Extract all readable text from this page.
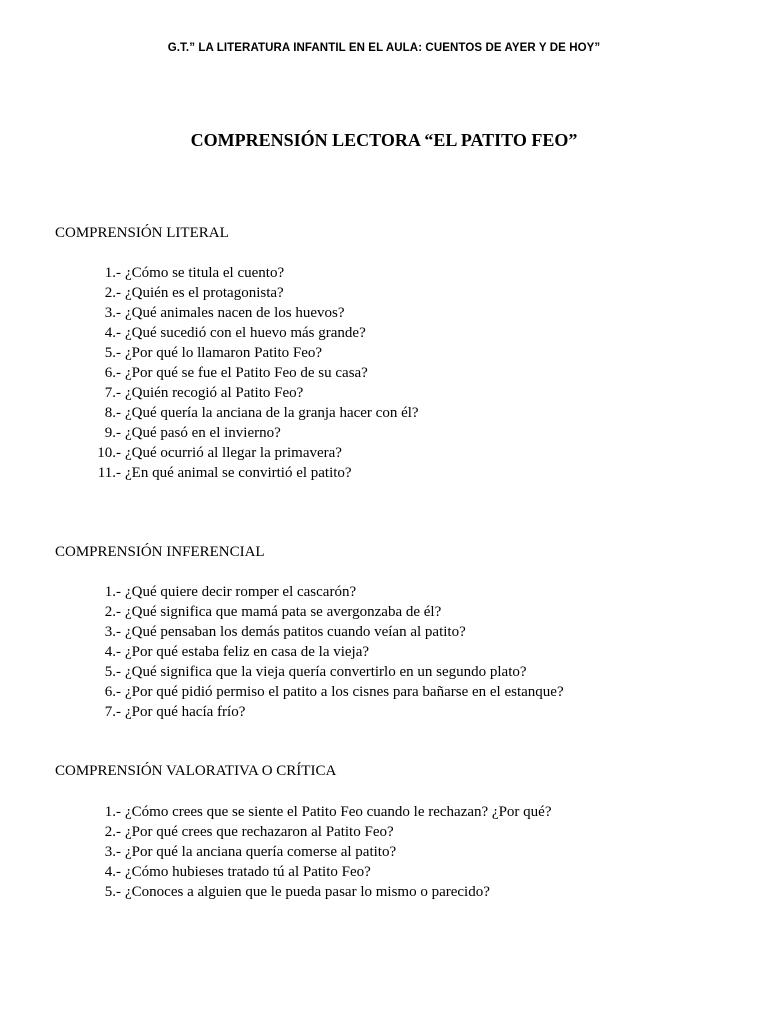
G.T.” LA LITERATURA INFANTIL EN EL AULA: CUENTOS DE AYER Y DE HOY”
COMPRENSIÓN LECTORA “EL PATITO FEO”
COMPRENSIÓN LITERAL
1.- ¿Cómo se titula el cuento?
2.- ¿Quién es el protagonista?
3.- ¿Qué animales nacen de los huevos?
4.- ¿Qué sucedió con el huevo más grande?
5.- ¿Por qué lo llamaron Patito Feo?
6.- ¿Por qué se fue el Patito Feo de su casa?
7.- ¿Quién recogió al Patito Feo?
8.- ¿Qué quería la anciana de la granja hacer con él?
9.- ¿Qué pasó en el invierno?
10.- ¿Qué ocurrió al llegar la primavera?
11.- ¿En qué animal se convirtió el patito?
COMPRENSIÓN INFERENCIAL
1.- ¿Qué quiere decir romper el cascarón?
2.- ¿Qué significa que mamá pata se avergonzaba de él?
3.- ¿Qué pensaban los demás patitos cuando veían al patito?
4.- ¿Por qué estaba feliz en casa de la vieja?
5.- ¿Qué significa que la vieja quería convertirlo en un segundo plato?
6.- ¿Por qué pidió permiso el patito a los cisnes para bañarse en el estanque?
7.- ¿Por qué hacía frío?
COMPRENSIÓN VALORATIVA O CRÍTICA
1.- ¿Cómo crees que se siente el Patito Feo cuando le rechazan? ¿Por qué?
2.- ¿Por qué crees que rechazaron al Patito Feo?
3.- ¿Por qué la anciana quería comerse al patito?
4.- ¿Cómo hubieses tratado tú al Patito Feo?
5.- ¿Conoces a alguien que le pueda pasar lo mismo o parecido?
